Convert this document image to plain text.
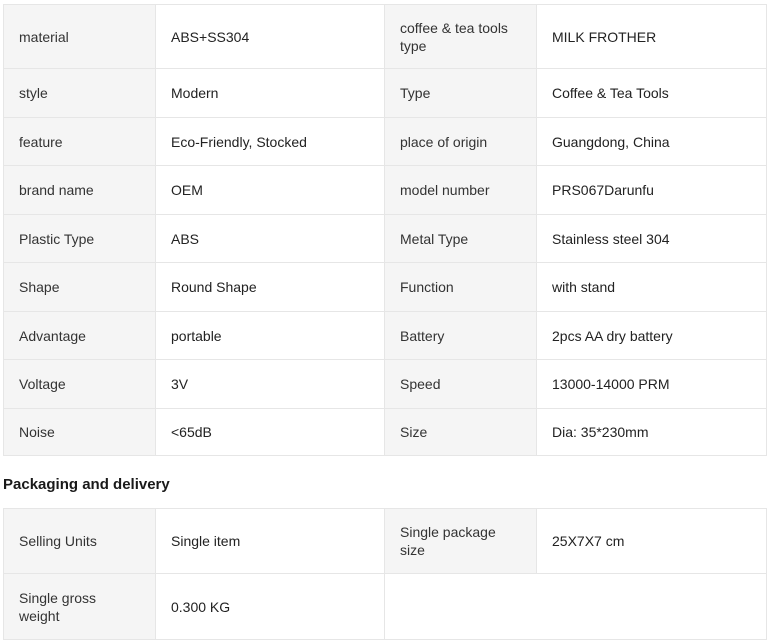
material	ABS+SS304	coffee & tea tools type	MILK FROTHER
style	Modern	Type	Coffee & Tea Tools
feature	Eco-Friendly, Stocked	place of origin	Guangdong, China
brand name	OEM	model number	PRS067Darunfu
Plastic Type	ABS	Metal Type	Stainless steel 304
Shape	Round Shape	Function	with stand
Advantage	portable	Battery	2pcs AA dry battery
Voltage	3V	Speed	13000-14000 PRM
Noise	<65dB	Size	Dia: 35*230mm
Packaging and delivery
Selling Units	Single item	Single package size	25X7X7 cm
Single gross weight	0.300 KG		
